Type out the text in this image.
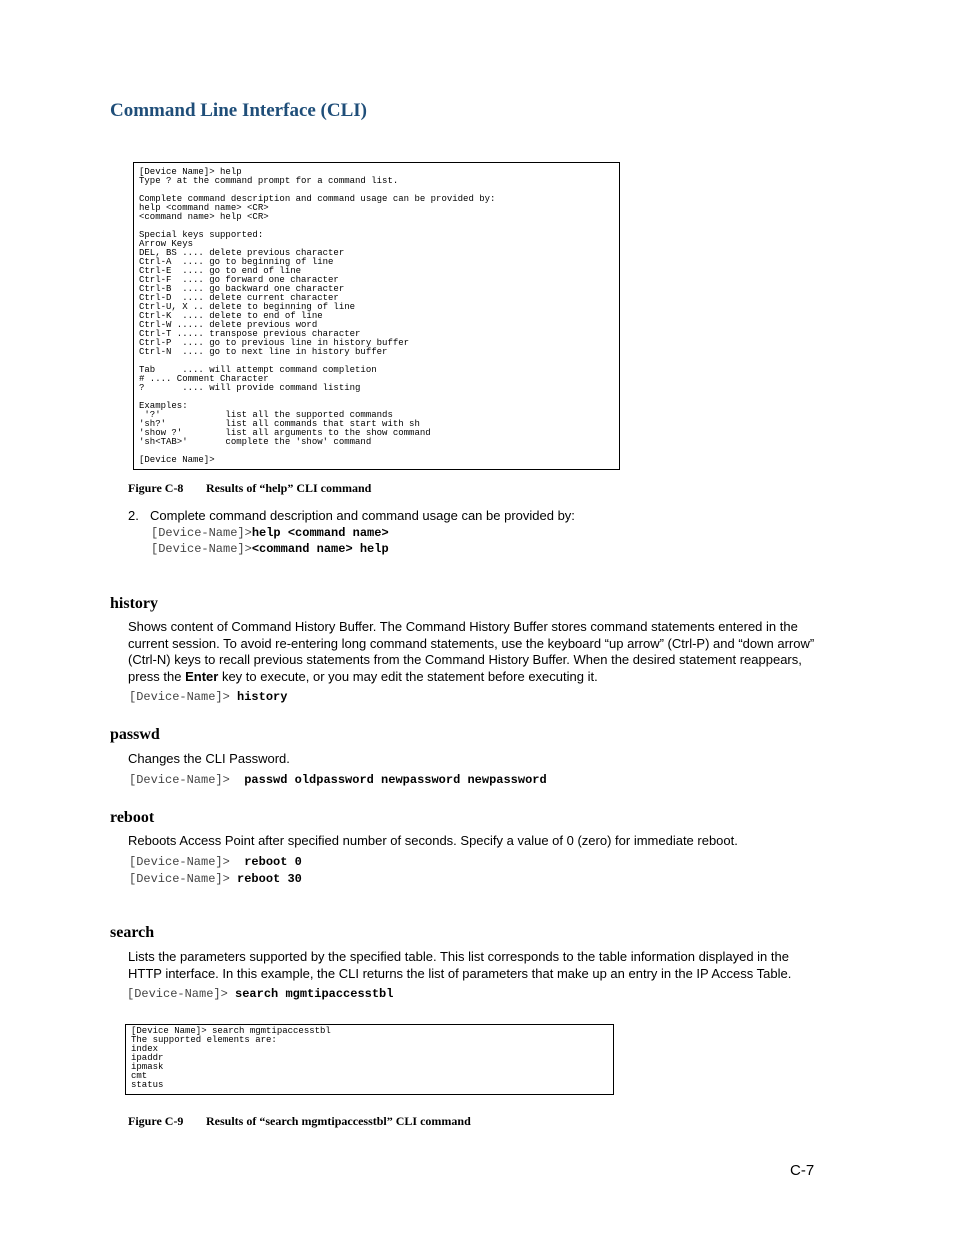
Command Line Interface (CLI)
[Device Name]> help
Type ? at the command prompt for a command list.

Complete command description and command usage can be provided by:
help <command name> <CR>
<command name> help <CR>

Special keys supported:
Arrow Keys
DEL, BS .... delete previous character
Ctrl-A  .... go to beginning of line
Ctrl-E  .... go to end of line
Ctrl-F  .... go forward one character
Ctrl-B  .... go backward one character
Ctrl-D  .... delete current character
Ctrl-U, X .. delete to beginning of line
Ctrl-K  .... delete to end of line
Ctrl-W ..... delete previous word
Ctrl-T ..... transpose previous character
Ctrl-P  .... go to previous line in history buffer
Ctrl-N  .... go to next line in history buffer

Tab     .... will attempt command completion
# .... Comment Character
?       .... will provide command listing

Examples:
'?'            list all the supported commands
'sh?'           list all commands that start with sh
'show ?'        list all arguments to the show command
'sh<TAB>'       complete the 'show' command

[Device Name]>
Figure C-8 Results of “help” CLI command
2. Complete command description and command usage can be provided by:
[Device-Name]>help <command name>
[Device-Name]><command name> help
history
Shows content of Command History Buffer. The Command History Buffer stores command statements entered in the current session. To avoid re-entering long command statements, use the keyboard “up arrow” (Ctrl-P) and “down arrow” (Ctrl-N) keys to recall previous statements from the Command History Buffer. When the desired statement reappears, press the Enter key to execute, or you may edit the statement before executing it.
[Device-Name]> history
passwd
Changes the CLI Password.
[Device-Name]> passwd oldpassword newpassword newpassword
reboot
Reboots Access Point after specified number of seconds. Specify a value of 0 (zero) for immediate reboot.
[Device-Name]> reboot 0
[Device-Name]> reboot 30
search
Lists the parameters supported by the specified table. This list corresponds to the table information displayed in the HTTP interface. In this example, the CLI returns the list of parameters that make up an entry in the IP Access Table.
[Device-Name]> search mgmtipaccesstbl
[Device Name]> search mgmtipaccesstbl
The supported elements are:
index
ipaddr
ipmask
cmt
status
Figure C-9 Results of “search mgmtipaccesstbl” CLI command
C-7
